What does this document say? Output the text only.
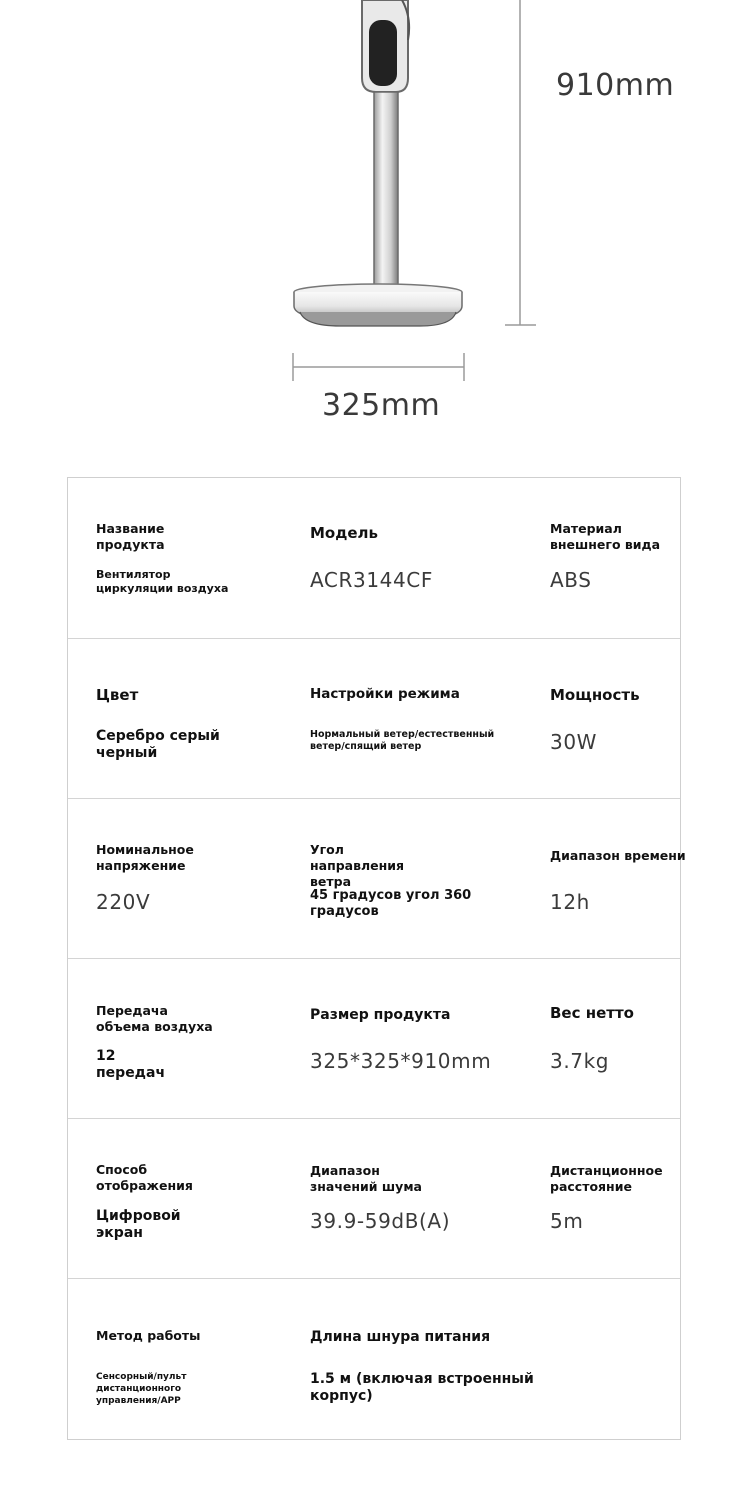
910mm
325mm
Название продукта
Вентилятор циркуляции воздуха
Модель
ACR3144CF
Материал внешнего вида
ABS
Цвет
Серебро серый черный
Настройки режима
Нормальный ветер/естественный ветер/спящий ветер
Мощность
30W
Номинальное напряжение
220V
Угол направления ветра
45 градусов угол 360 градусов
Диапазон времени
12h
Передача объема воздуха
12 передач
Размер продукта
325*325*910mm
Вес нетто
3.7kg
Способ отображения
Цифровой экран
Диапазон значений шума
39.9-59dB(A)
Дистанционное расстояние
5m
Метод работы
Сенсорный/пульт дистанционного управления/APP
Длина шнура питания
1.5 м (включая встроенный корпус)
